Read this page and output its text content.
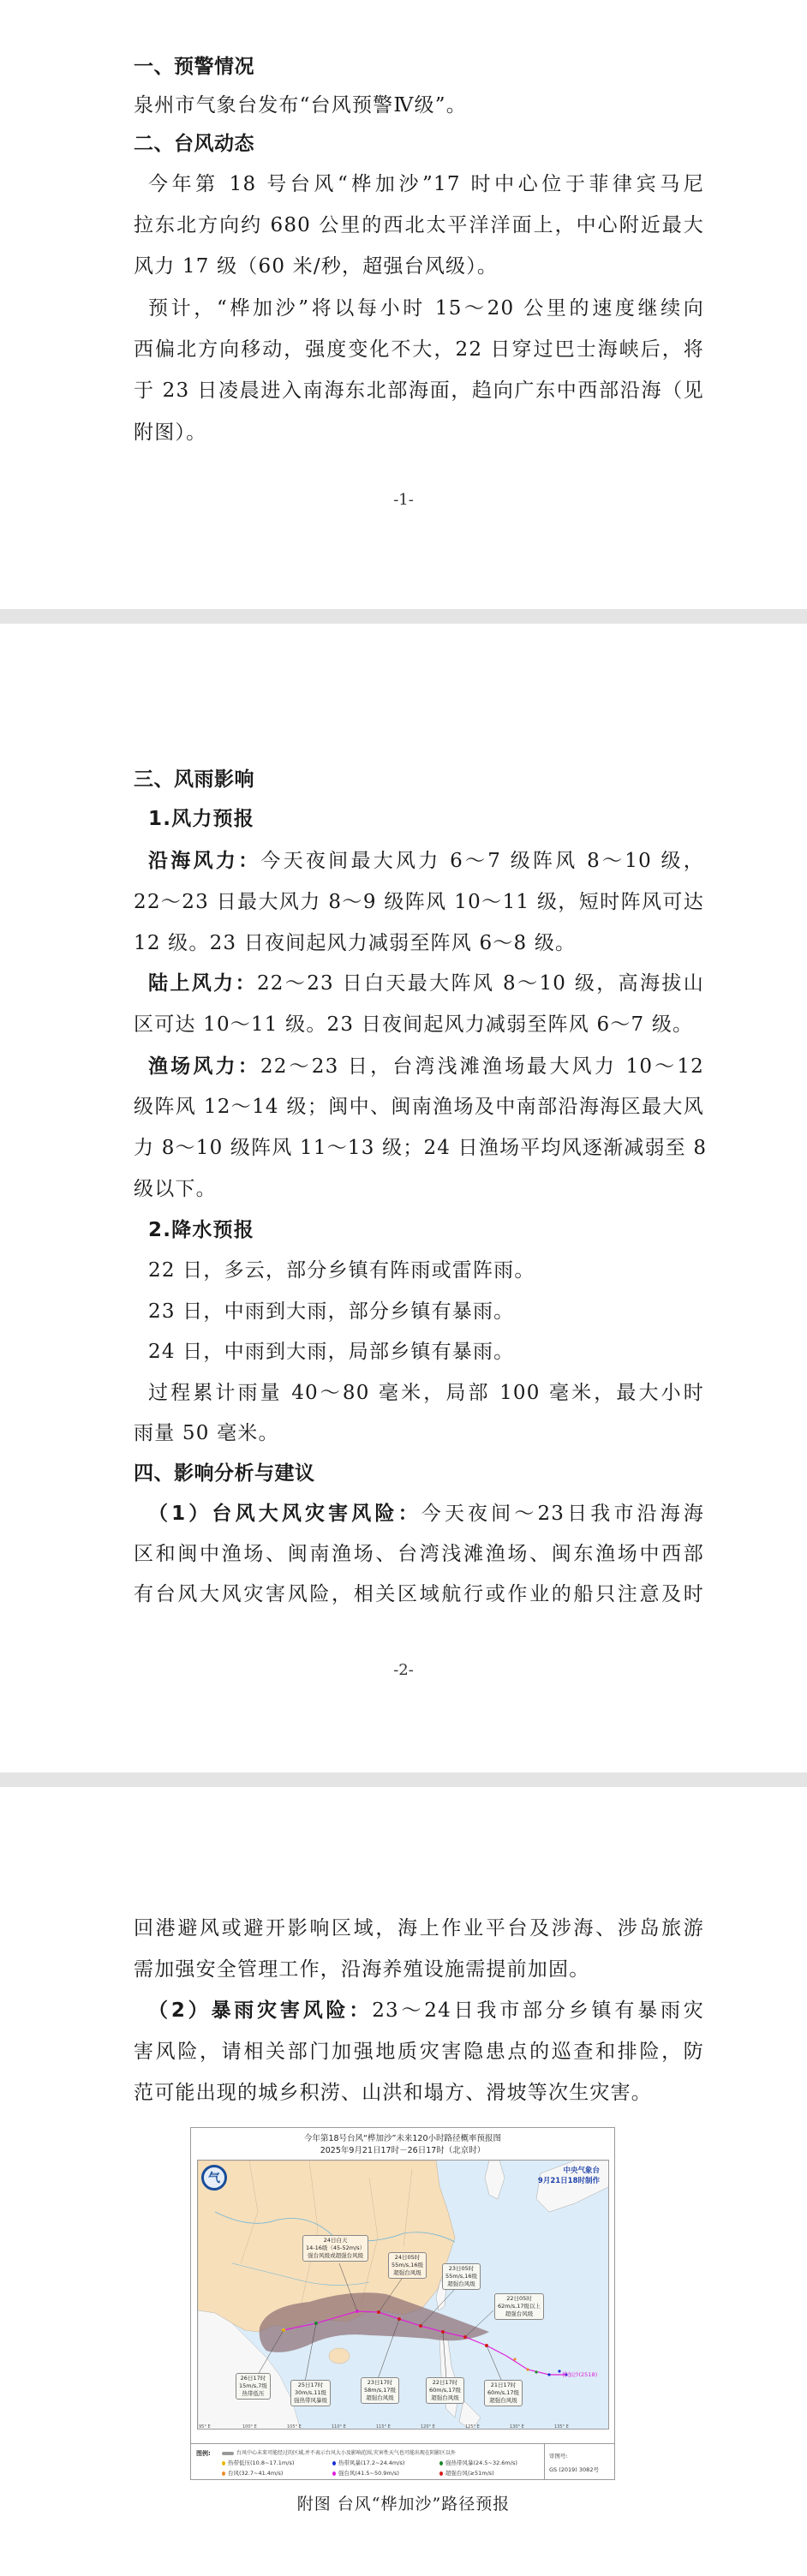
一、预警情况
泉州市气象台发布“台风预警Ⅳ级”。
二、台风动态
今年第 18 号台风“桦加沙”17 时中心位于菲律宾马尼
拉东北方向约 680 公里的西北太平洋洋面上，中心附近最大
风力 17 级（60 米/秒，超强台风级）。
预计，“桦加沙”将以每小时 15～20 公里的速度继续向
西偏北方向移动，强度变化不大，22 日穿过巴士海峡后，将
于 23 日凌晨进入南海东北部海面，趋向广东中西部沿海（见
附图）。
-1-
三、风雨影响
1.风力预报
沿海风力：今天夜间最大风力 6～7 级阵风 8～10 级，
22～23 日最大风力 8～9 级阵风 10～11 级，短时阵风可达
12 级。23 日夜间起风力减弱至阵风 6～8 级。
陆上风力：22～23 日白天最大阵风 8～10 级，高海拔山
区可达 10～11 级。23 日夜间起风力减弱至阵风 6～7 级。
渔场风力：22～23 日，台湾浅滩渔场最大风力 10～12
级阵风 12～14 级；闽中、闽南渔场及中南部沿海海区最大风
力 8～10 级阵风 11～13 级；24 日渔场平均风逐渐减弱至 8
级以下。
2.降水预报
22 日，多云，部分乡镇有阵雨或雷阵雨。
23 日，中雨到大雨，部分乡镇有暴雨。
24 日，中雨到大雨，局部乡镇有暴雨。
过程累计雨量 40～80 毫米，局部 100 毫米，最大小时
雨量 50 毫米。
四、影响分析与建议
（1）台风大风灾害风险：今天夜间～23日我市沿海海
区和闽中渔场、闽南渔场、台湾浅滩渔场、闽东渔场中西部
有台风大风灾害风险，相关区域航行或作业的船只注意及时
-2-
回港避风或避开影响区域，海上作业平台及涉海、涉岛旅游
需加强安全管理工作，沿海养殖设施需提前加固。
（2）暴雨灾害风险：23～24日我市部分乡镇有暴雨灾
害风险，请相关部门加强地质灾害隐患点的巡查和排险，防
范可能出现的城乡积涝、山洪和塌方、滑坡等次生灾害。
今年第18号台风“桦加沙”未来120小时路径概率预报图
2025年9月21日17时－26日17时（北京时）
气
中央气象台
9月21日18时制作
24日白天
14-16级（45-52m/s）
强台风级或超强台风级	24日05时
55m/s,16级
超强台风级
23日05时
55m/s,16级
超强台风级
22日05时
62m/s,17级以上
超强台风级
26日17时
15m/s,7级
热带低压
25日17时
30m/s,11级
强热带风暴级
23日17时
58m/s,17级
超强台风级
22日17时
60m/s,17级
超强台风级
21日17时
60m/s,17级
超强台风级
桦加沙(2518)
95° E	100° E	105° E	110° E	115° E	120° E	125° E	130° E	135° E
图例:	台风中心未来可能经过的区域,并不表示台风大小及影响范围,灾害性天气也可能出现在阴影区以外
热带低压(10.8~17.1m/s)	热带风暴(17.2~24.4m/s)	强热带风暴(24.5~32.6m/s)
台风(32.7~41.4m/s)	强台风(41.5~50.9m/s)	超强台风(≥51m/s)
审图号:
GS (2019) 3082号
附图 台风“桦加沙”路径预报
